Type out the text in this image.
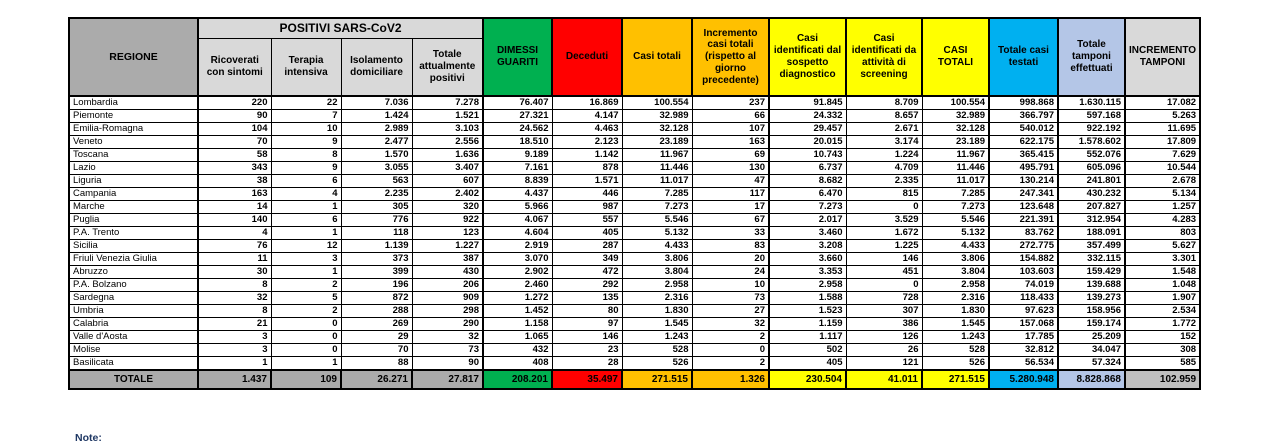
REGIONE	POSITIVI SARS-CoV2				DIMESSI GUARITI	Deceduti	Casi totali	Incremento casi totali (rispetto al giorno precedente)	Casi identificati dal sospetto diagnostico	Casi identificati da attività di screening	CASI TOTALI	Totale casi testati	Totale tamponi effettuati	INCREMENTO TAMPONI
	Ricoverati con sintomi	Terapia intensiva	Isolamento domiciliare	Totale attualmente positivi										
Lombardia	220	22	7.036	7.278	76.407	16.869	100.554	237	91.845	8.709	100.554	998.868	1.630.115	17.082
Piemonte	90	7	1.424	1.521	27.321	4.147	32.989	66	24.332	8.657	32.989	366.797	597.168	5.263
Emilia-Romagna	104	10	2.989	3.103	24.562	4.463	32.128	107	29.457	2.671	32.128	540.012	922.192	11.695
Veneto	70	9	2.477	2.556	18.510	2.123	23.189	163	20.015	3.174	23.189	622.175	1.578.602	17.809
Toscana	58	8	1.570	1.636	9.189	1.142	11.967	69	10.743	1.224	11.967	365.415	552.076	7.629
Lazio	343	9	3.055	3.407	7.161	878	11.446	130	6.737	4.709	11.446	495.791	605.096	10.544
Liguria	38	6	563	607	8.839	1.571	11.017	47	8.682	2.335	11.017	130.214	241.801	2.678
Campania	163	4	2.235	2.402	4.437	446	7.285	117	6.470	815	7.285	247.341	430.232	5.134
Marche	14	1	305	320	5.966	987	7.273	17	7.273	0	7.273	123.648	207.827	1.257
Puglia	140	6	776	922	4.067	557	5.546	67	2.017	3.529	5.546	221.391	312.954	4.283
P.A. Trento	4	1	118	123	4.604	405	5.132	33	3.460	1.672	5.132	83.762	188.091	803
Sicilia	76	12	1.139	1.227	2.919	287	4.433	83	3.208	1.225	4.433	272.775	357.499	5.627
Friuli Venezia Giulia	11	3	373	387	3.070	349	3.806	20	3.660	146	3.806	154.882	332.115	3.301
Abruzzo	30	1	399	430	2.902	472	3.804	24	3.353	451	3.804	103.603	159.429	1.548
P.A. Bolzano	8	2	196	206	2.460	292	2.958	10	2.958	0	2.958	74.019	139.688	1.048
Sardegna	32	5	872	909	1.272	135	2.316	73	1.588	728	2.316	118.433	139.273	1.907
Umbria	8	2	288	298	1.452	80	1.830	27	1.523	307	1.830	97.623	158.956	2.534
Calabria	21	0	269	290	1.158	97	1.545	32	1.159	386	1.545	157.068	159.174	1.772
Valle d'Aosta	3	0	29	32	1.065	146	1.243	2	1.117	126	1.243	17.785	25.209	152
Molise	3	0	70	73	432	23	528	0	502	26	528	32.812	34.047	308
Basilicata	1	1	88	90	408	28	526	2	405	121	526	56.534	57.324	585
TOTALE	1.437	109	26.271	27.817	208.201	35.497	271.515	1.326	230.504	41.011	271.515	5.280.948	8.828.868	102.959
Note:
